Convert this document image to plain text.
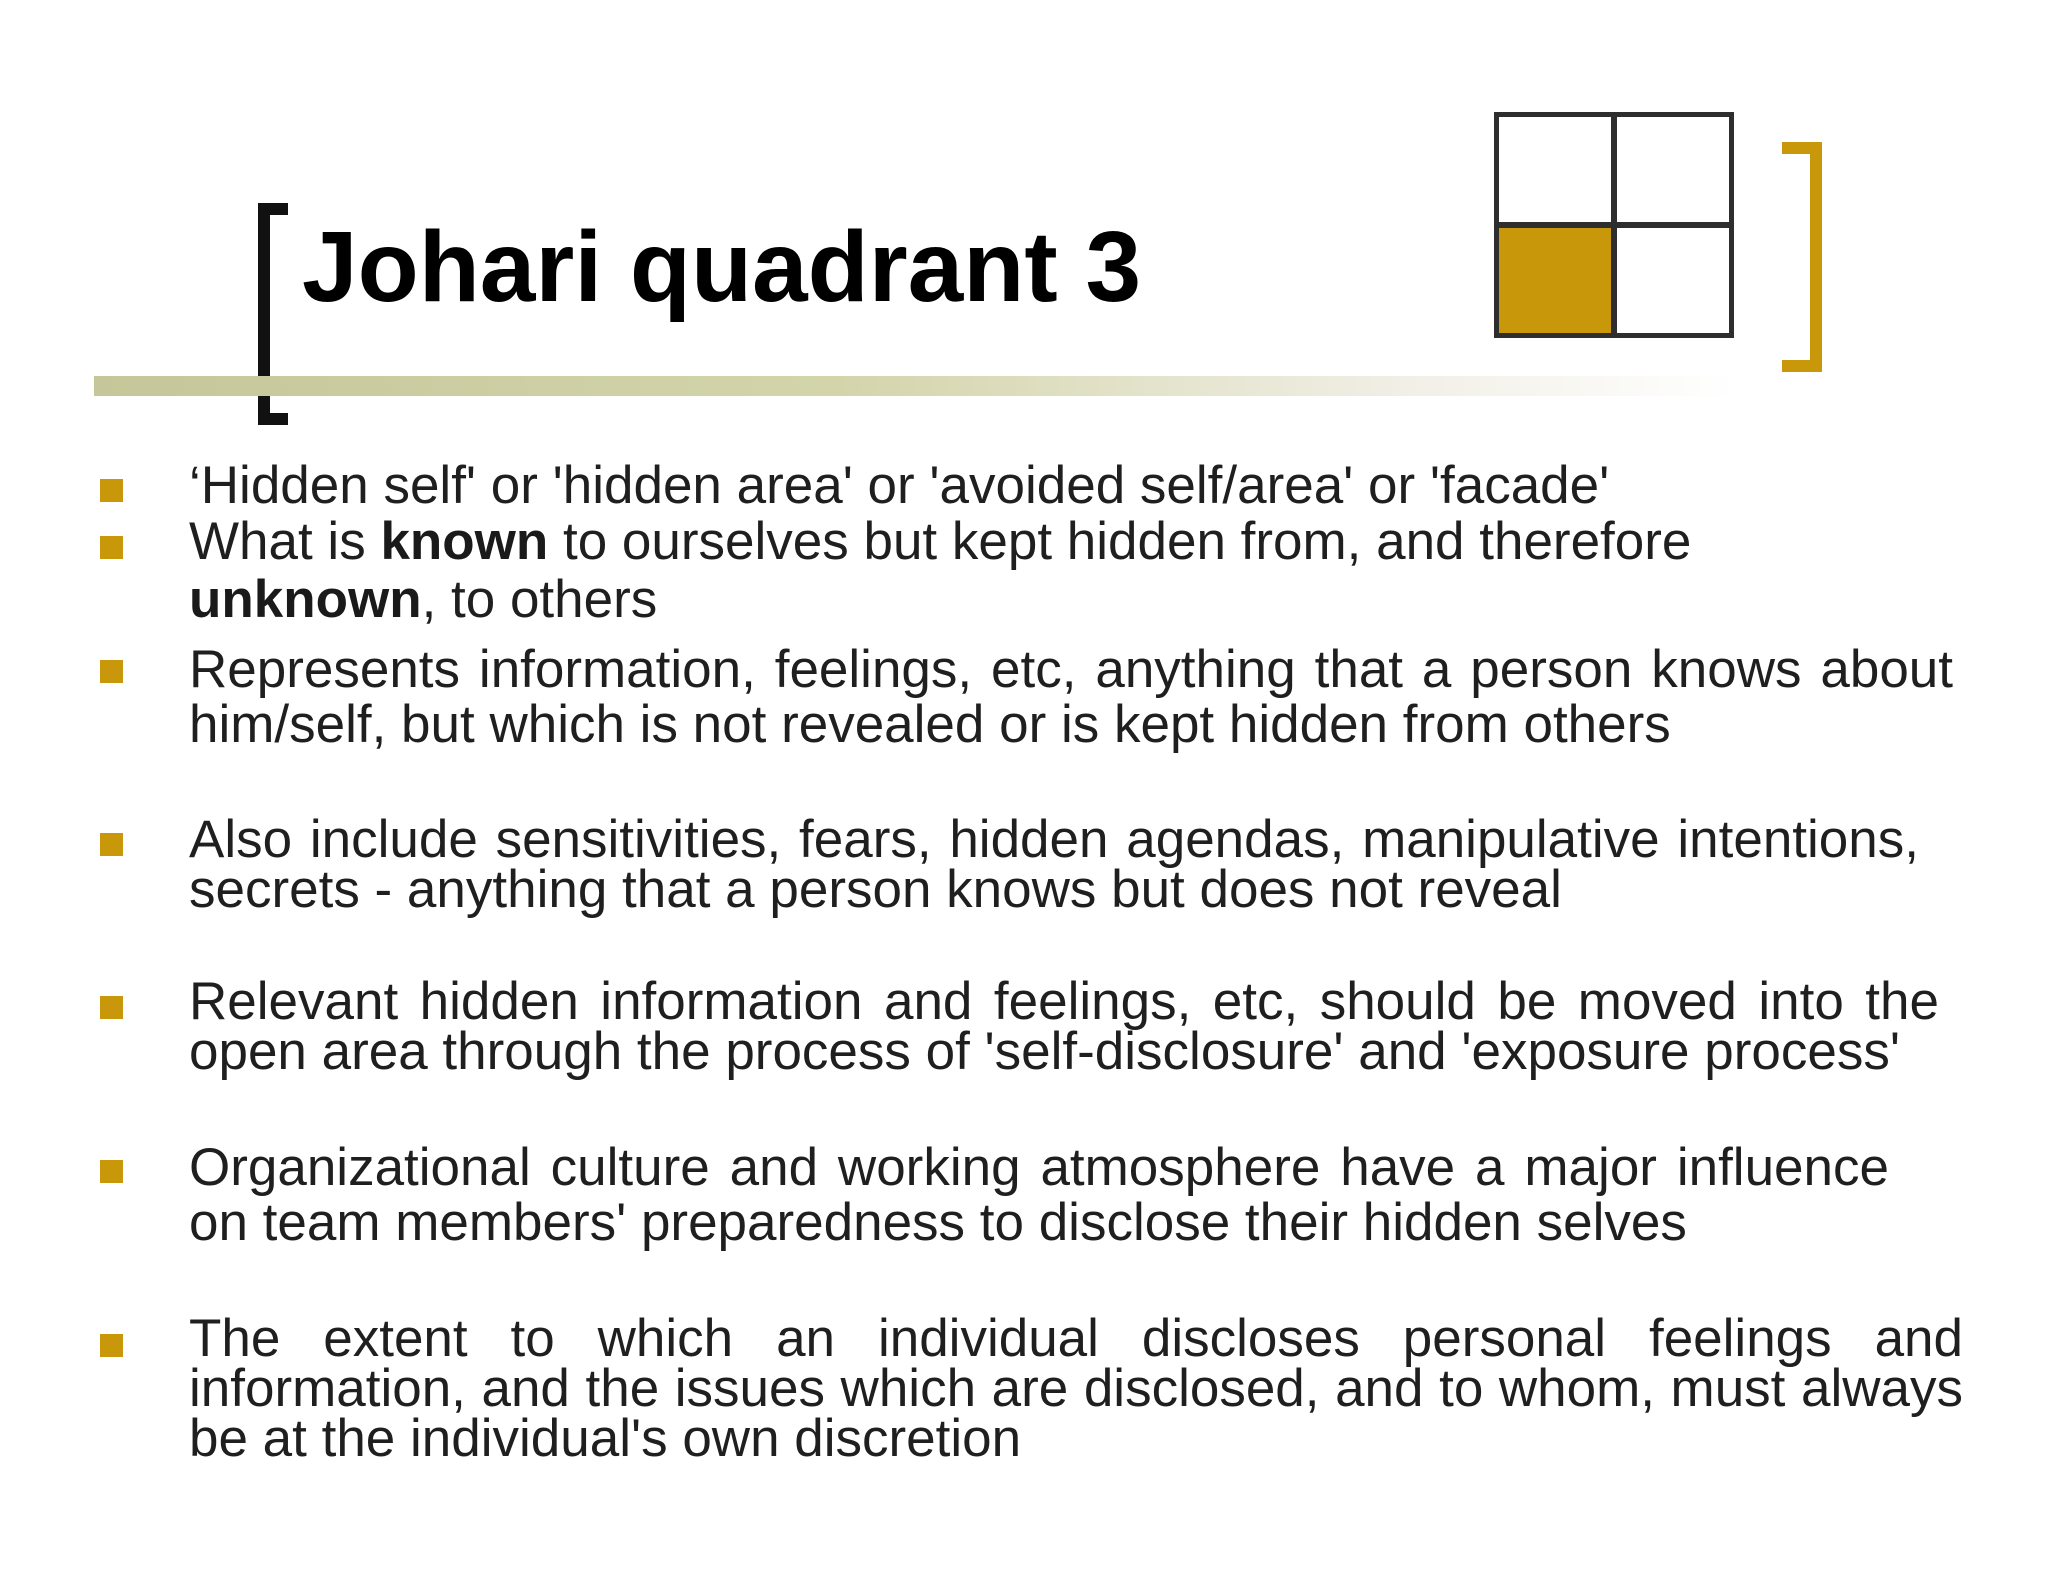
Johari quadrant 3

‘Hidden self' or 'hidden area' or 'avoided self/area' or 'facade'

What is known to ourselves but kept hidden from, and therefore unknown, to others

Represents information, feelings, etc, anything that a person knows about him/self, but which is not revealed or is kept hidden from others

Also include sensitivities, fears, hidden agendas, manipulative intentions, secrets - anything that a person knows but does not reveal

Relevant hidden information and feelings, etc, should be moved into the open area through the process of 'self-disclosure' and 'exposure process'

Organizational culture and working atmosphere have a major influence on team members' preparedness to disclose their hidden selves

The extent to which an individual discloses personal feelings and information, and the issues which are disclosed, and to whom, must always be at the individual's own discretion
